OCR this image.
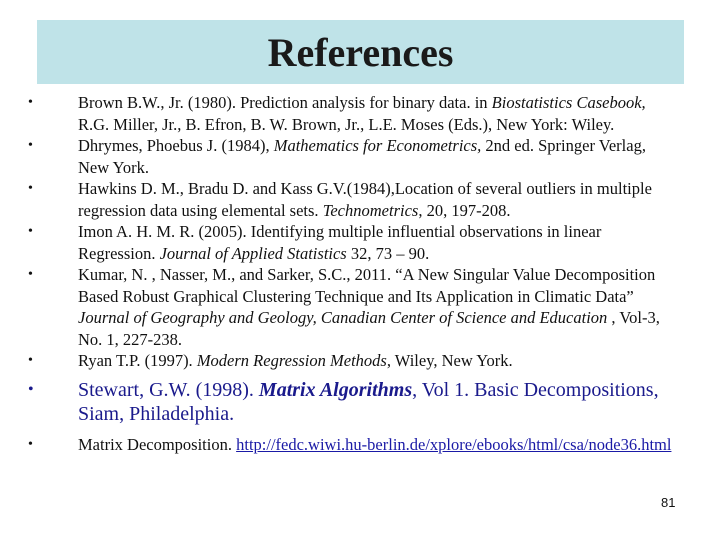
References
•	Brown B.W., Jr. (1980). Prediction analysis for binary data. in Biostatistics Casebook, R.G. Miller, Jr., B. Efron, B. W. Brown, Jr., L.E. Moses (Eds.), New York: Wiley.
•	Dhrymes, Phoebus J. (1984), Mathematics for Econometrics, 2nd ed. Springer Verlag, New York.
•	Hawkins D. M., Bradu D. and Kass G.V.(1984),Location of several outliers in multiple regression data using elemental sets. Technometrics, 20, 197-208.
•	Imon A. H. M. R. (2005). Identifying multiple influential observations in linear Regression. Journal of Applied Statistics 32, 73 – 90.
•	Kumar, N. , Nasser, M., and Sarker, S.C., 2011. “A New Singular Value Decomposition Based Robust Graphical Clustering Technique and Its Application in Climatic Data” Journal of Geography and Geology, Canadian Center of Science and Education , Vol-3, No. 1, 227-238.
•	Ryan T.P. (1997). Modern Regression Methods, Wiley, New York.
•	Stewart, G.W. (1998). Matrix Algorithms, Vol 1. Basic Decompositions, Siam, Philadelphia.
•	Matrix Decomposition. http://fedc.wiwi.hu-berlin.de/xplore/ebooks/html/csa/node36.html
81
